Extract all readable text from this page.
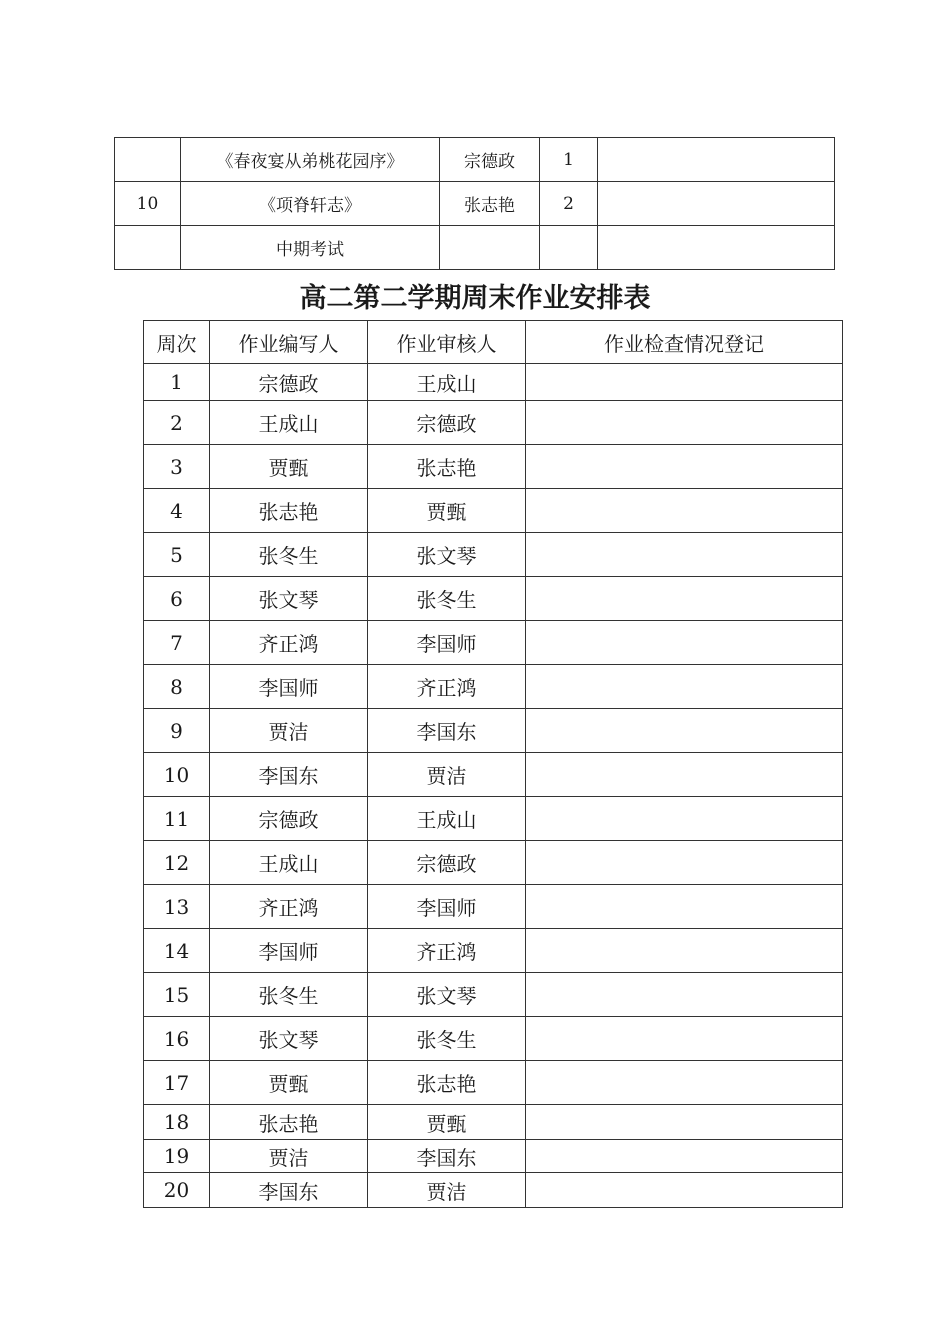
	《春夜宴从弟桃花园序》	宗德政	1	
10	《项脊轩志》	张志艳	2	
	中期考试			
高二第二学期周末作业安排表
周次	作业编写人	作业审核人	作业检查情况登记
1	宗德政	王成山	
2	王成山	宗德政	
3	贾甄	张志艳	
4	张志艳	贾甄	
5	张冬生	张文琴	
6	张文琴	张冬生	
7	齐正鸿	李国师	
8	李国师	齐正鸿	
9	贾洁	李国东	
10	李国东	贾洁	
11	宗德政	王成山	
12	王成山	宗德政	
13	齐正鸿	李国师	
14	李国师	齐正鸿	
15	张冬生	张文琴	
16	张文琴	张冬生	
17	贾甄	张志艳	
18	张志艳	贾甄	
19	贾洁	李国东	
20	李国东	贾洁	
